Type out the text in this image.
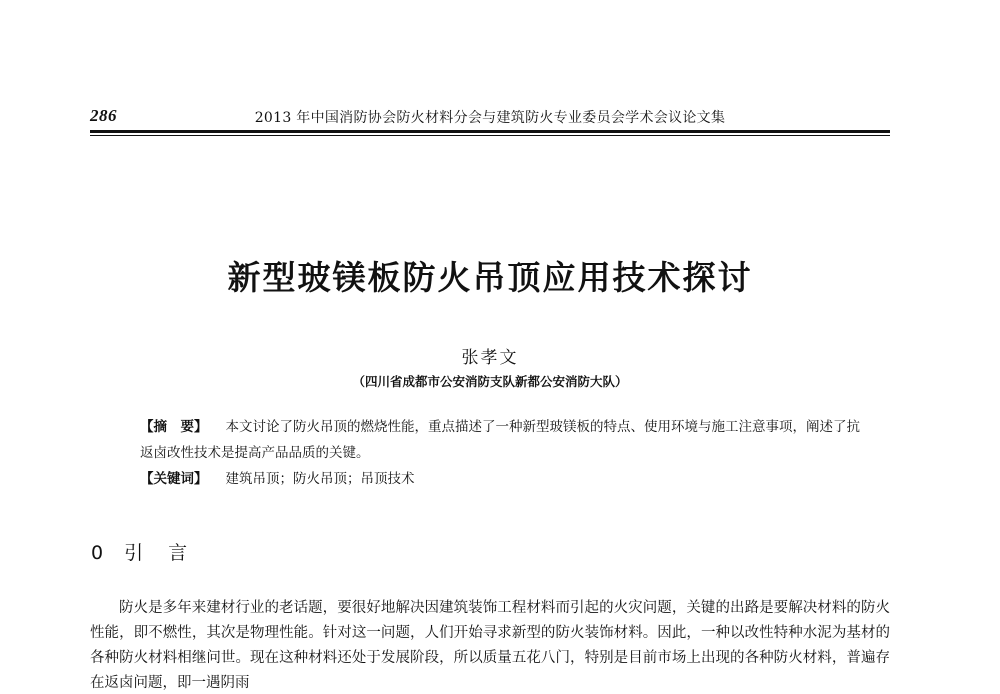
286	2013 年中国消防协会防火材料分会与建筑防火专业委员会学术会议论文集
新型玻镁板防火吊顶应用技术探讨
张孝文
（四川省成都市公安消防支队新都公安消防大队）
【摘　要】 本文讨论了防火吊顶的燃烧性能，重点描述了一种新型玻镁板的特点、使用环境与施工注意事项，阐述了抗返卤改性技术是提高产品品质的关键。
【关键词】 建筑吊顶；防火吊顶；吊顶技术
0 引　言
防火是多年来建材行业的老话题，要很好地解决因建筑装饰工程材料而引起的火灾问题，关键的出路是要解决材料的防火性能，即不燃性，其次是物理性能。针对这一问题，人们开始寻求新型的防火装饰材料。因此，一种以改性特种水泥为基材的各种防火材料相继问世。现在这种材料还处于发展阶段，所以质量五花八门，特别是目前市场上出现的各种防火材料，普遍存在返卤问题，即一遇阴雨
